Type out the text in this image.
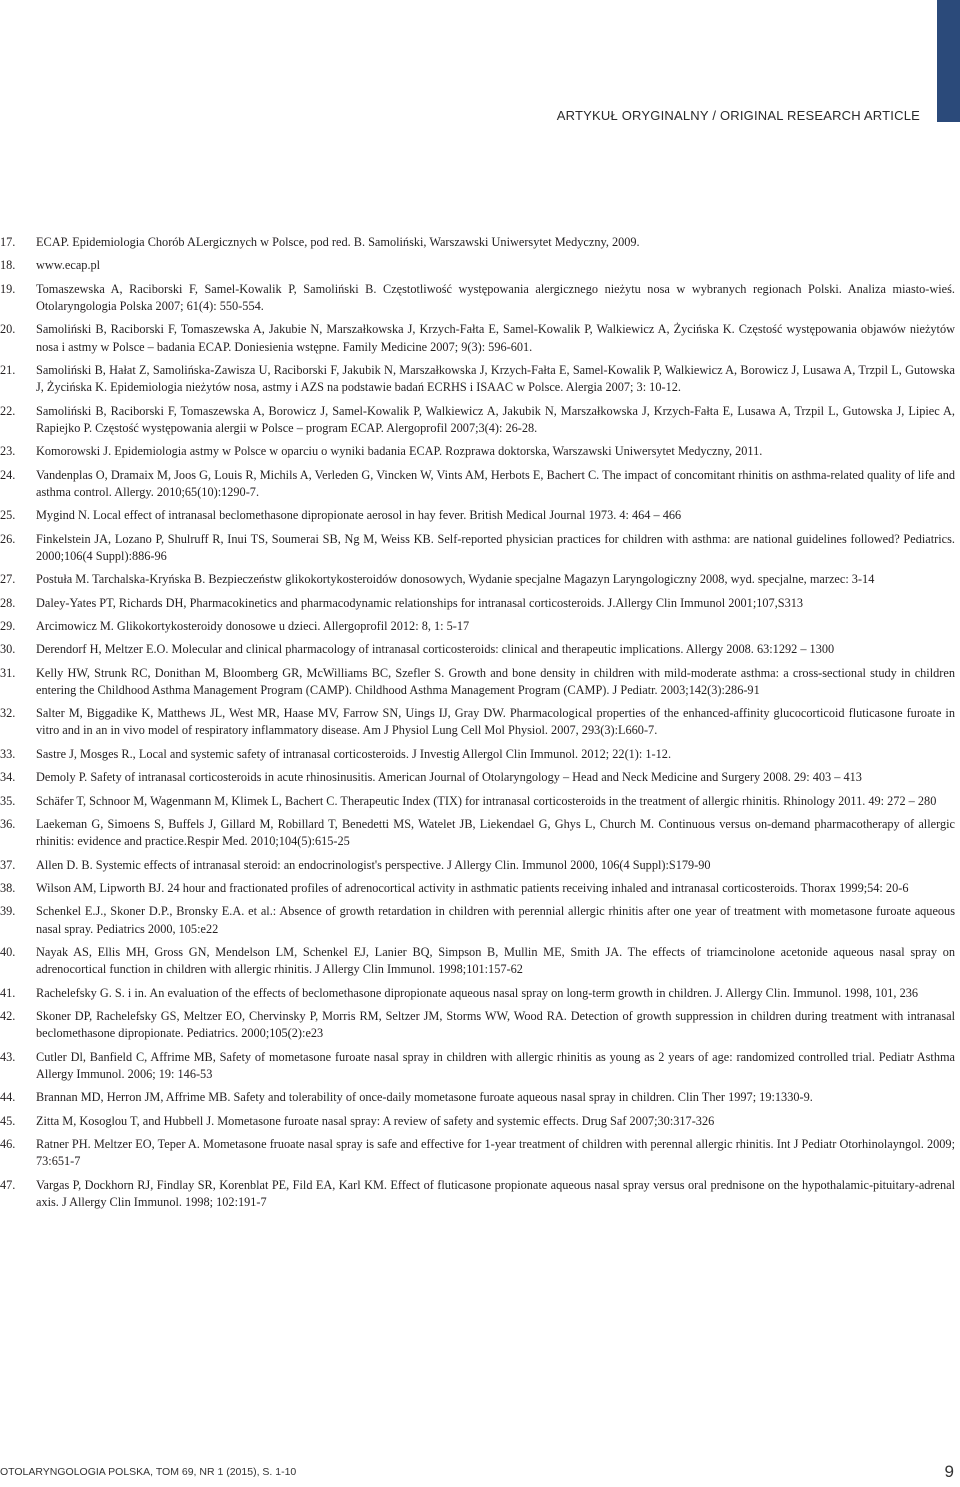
ARTYKUŁ ORYGINALNY / ORIGINAL RESEARCH ARTICLE
17. ECAP. Epidemiologia Chorób ALergicznych w Polsce, pod red. B. Samoliński, Warszawski Uniwersytet Medyczny, 2009.
18. www.ecap.pl
19. Tomaszewska A, Raciborski F, Samel-Kowalik P, Samoliński B. Częstotliwość występowania alergicznego nieżytu nosa w wybranych regionach Polski. Analiza miasto-wieś. Otolaryngologia Polska 2007; 61(4): 550-554.
20. Samoliński B, Raciborski F, Tomaszewska A, Jakubie N, Marszałkowska J, Krzych-Fałta E, Samel-Kowalik P, Walkiewicz A, Życińska K. Częstość występowania objawów nieżytów nosa i astmy w Polsce – badania ECAP. Doniesienia wstępne. Family Medicine 2007; 9(3): 596-601.
21. Samoliński B, Hałat Z, Samolińska-Zawisza U, Raciborski F, Jakubik N, Marszałkowska J, Krzych-Fałta E, Samel-Kowalik P, Walkiewicz A, Borowicz J, Lusawa A, Trzpil L, Gutowska J, Życińska K. Epidemiologia nieżytów nosa, astmy i AZS na podstawie badań ECRHS i ISAAC w Polsce. Alergia 2007; 3: 10-12.
22. Samoliński B, Raciborski F, Tomaszewska A, Borowicz J, Samel-Kowalik P, Walkiewicz A, Jakubik N, Marszałkowska J, Krzych-Fałta E, Lusawa A, Trzpil L, Gutowska J, Lipiec A, Rapiejko P. Częstość występowania alergii w Polsce – program ECAP. Alergoprofil 2007;3(4): 26-28.
23. Komorowski J. Epidemiologia astmy w Polsce w oparciu o wyniki badania ECAP. Rozprawa doktorska, Warszawski Uniwersytet Medyczny, 2011.
24. Vandenplas O, Dramaix M, Joos G, Louis R, Michils A, Verleden G, Vincken W, Vints AM, Herbots E, Bachert C. The impact of concomitant rhinitis on asthma-related quality of life and asthma control. Allergy. 2010;65(10):1290-7.
25. Mygind N. Local effect of intranasal beclomethasone dipropionate aerosol in hay fever. British Medical Journal 1973. 4: 464 – 466
26. Finkelstein JA, Lozano P, Shulruff R, Inui TS, Soumerai SB, Ng M, Weiss KB. Self-reported physician practices for children with asthma: are national guidelines followed? Pediatrics. 2000;106(4 Suppl):886-96
27. Postuła M. Tarchalska-Kryńska B. Bezpieczeństw glikokortykosteroidów donosowych, Wydanie specjalne Magazyn Laryngologiczny 2008, wyd. specjalne, marzec: 3-14
28. Daley-Yates PT, Richards DH, Pharmacokinetics and pharmacodynamic relationships for intranasal corticosteroids. J.Allergy Clin Immunol 2001;107,S313
29. Arcimowicz M. Glikokortykosteroidy donosowe u dzieci. Allergoprofil 2012: 8, 1: 5-17
30. Derendorf H, Meltzer E.O. Molecular and clinical pharmacology of intranasal corticosteroids: clinical and therapeutic implications. Allergy 2008. 63:1292 – 1300
31. Kelly HW, Strunk RC, Donithan M, Bloomberg GR, McWilliams BC, Szefler S. Growth and bone density in children with mild-moderate asthma: a cross-sectional study in children entering the Childhood Asthma Management Program (CAMP). Childhood Asthma Management Program (CAMP). J Pediatr. 2003;142(3):286-91
32. Salter M, Biggadike K, Matthews JL, West MR, Haase MV, Farrow SN, Uings IJ, Gray DW. Pharmacological properties of the enhanced-affinity glucocorticoid fluticasone furoate in vitro and in an in vivo model of respiratory inflammatory disease. Am J Physiol Lung Cell Mol Physiol. 2007, 293(3):L660-7.
33. Sastre J, Mosges R., Local and systemic safety of intranasal corticosteroids. J Investig Allergol Clin Immunol. 2012; 22(1): 1-12.
34. Demoly P. Safety of intranasal corticosteroids in acute rhinosinusitis. American Journal of Otolaryngology – Head and Neck Medicine and Surgery 2008. 29: 403 – 413
35. Schäfer T, Schnoor M, Wagenmann M, Klimek L, Bachert C. Therapeutic Index (TIX) for intranasal corticosteroids in the treatment of allergic rhinitis. Rhinology 2011. 49: 272 – 280
36. Laekeman G, Simoens S, Buffels J, Gillard M, Robillard T, Benedetti MS, Watelet JB, Liekendael G, Ghys L, Church M. Continuous versus on-demand pharmacotherapy of allergic rhinitis: evidence and practice.Respir Med. 2010;104(5):615-25
37. Allen D. B. Systemic effects of intranasal steroid: an endocrinologist's perspective. J Allergy Clin. Immunol 2000, 106(4 Suppl):S179-90
38. Wilson AM, Lipworth BJ. 24 hour and fractionated profiles of adrenocortical activity in asthmatic patients receiving inhaled and intranasal corticosteroids. Thorax 1999;54: 20-6
39. Schenkel E.J., Skoner D.P., Bronsky E.A. et al.: Absence of growth retardation in children with perennial allergic rhinitis after one year of treatment with mometasone furoate aqueous nasal spray. Pediatrics 2000, 105:e22
40. Nayak AS, Ellis MH, Gross GN, Mendelson LM, Schenkel EJ, Lanier BQ, Simpson B, Mullin ME, Smith JA. The effects of triamcinolone acetonide aqueous nasal spray on adrenocortical function in children with allergic rhinitis. J Allergy Clin Immunol. 1998;101:157-62
41. Rachelefsky G. S. i in. An evaluation of the effects of beclomethasone dipropionate aqueous nasal spray on long-term growth in children. J. Allergy Clin. Immunol. 1998, 101, 236
42. Skoner DP, Rachelefsky GS, Meltzer EO, Chervinsky P, Morris RM, Seltzer JM, Storms WW, Wood RA. Detection of growth suppression in children during treatment with intranasal beclomethasone dipropionate. Pediatrics. 2000;105(2):e23
43. Cutler Dl, Banfield C, Affrime MB, Safety of mometasone furoate nasal spray in children with allergic rhinitis as young as 2 years of age: randomized controlled trial. Pediatr Asthma Allergy Immunol. 2006; 19: 146-53
44. Brannan MD, Herron JM, Affrime MB. Safety and tolerability of once-daily mometasone furoate aqueous nasal spray in children. Clin Ther 1997; 19:1330-9.
45. Zitta M, Kosoglou T, and Hubbell J. Mometasone furoate nasal spray: A review of safety and systemic effects. Drug Saf 2007;30:317-326
46. Ratner PH. Meltzer EO, Teper A. Mometasone fruoate nasal spray is safe and effective for 1-year treatment of children with perennal allergic rhinitis. Int J Pediatr Otorhinolayngol. 2009; 73:651-7
47. Vargas P, Dockhorn RJ, Findlay SR, Korenblat PE, Fild EA, Karl KM. Effect of fluticasone propionate aqueous nasal spray versus oral prednisone on the hypothalamic-pituitary-adrenal axis. J Allergy Clin Immunol. 1998; 102:191-7
OTOLARYNGOLOGIA POLSKA, TOM 69, NR 1 (2015), S. 1-10	9
